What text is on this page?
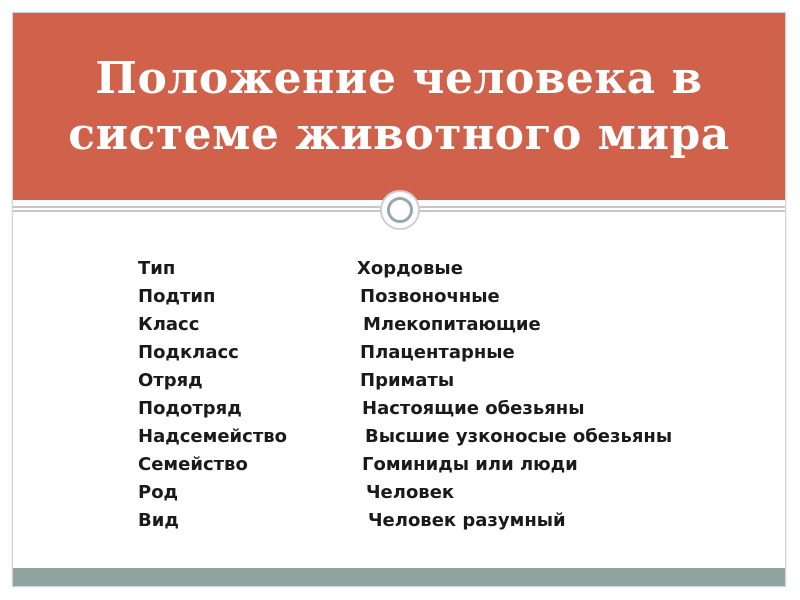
Положение человека в системе животного мира
Тип	Хордовые
Подтип	Позвоночные
Класс	Млекопитающие
Подкласс	Плацентарные
Отряд	Приматы
Подотряд	Настоящие обезьяны
Надсемейство	Высшие узконосые обезьяны
Семейство	Гоминиды или люди
Род	Человек
Вид	Человек разумный
